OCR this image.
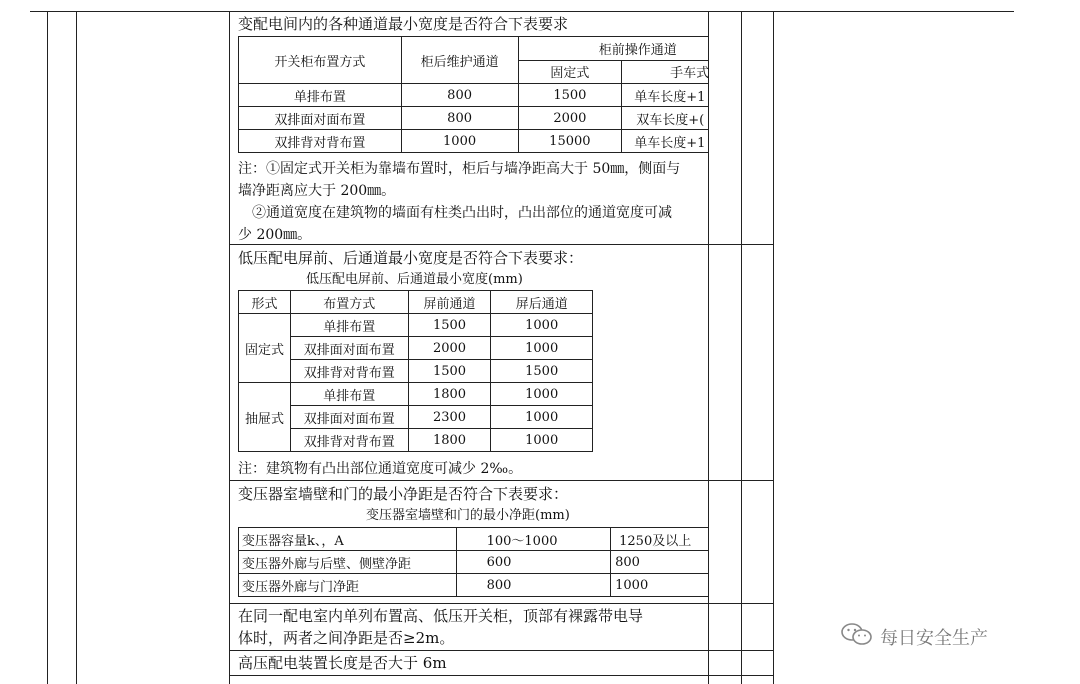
变配电间内的各种通道最小宽度是否符合下表要求
开关柜布置方式	柜后维护通道	柜前操作通道	
		固定式	手车式
单排布置	800	1500	单车长度+1
双排面对面布置	800	2000	双车长度+(
双排背对背布置	1000	15000	单车长度+1
注：①固定式开关柜为靠墙布置时，柜后与墙净距高大于 50㎜，侧面与
墙净距离应大于 200㎜。
②通道宽度在建筑物的墙面有柱类凸出时，凸出部位的通道宽度可减
少 200㎜。
低压配电屏前、后通道最小宽度是否符合下表要求：
低压配电屏前、后通道最小宽度(mm)
形式	布置方式	屏前通道	屏后通道
固定式	单排布置	1500	1000
	双排面对面布置	2000	1000
	双排背对背布置	1500	1500
抽屉式	单排布置	1800	1000
	双排面对面布置	2300	1000
	双排背对背布置	1800	1000
注：建筑物有凸出部位通道宽度可减少 2‰。
变压器室墙壁和门的最小净距是否符合下表要求：
变压器室墙壁和门的最小净距(mm)
变压器容量k、，A	100～1000	1250及以上
变压器外廊与后壁、侧壁净距	600	800
变压器外廊与门净距	800	1000
在同一配电室内单列布置高、低压开关柜，顶部有裸露带电导
体时，两者之间净距是否≥2m。
高压配电装置长度是否大于 6m
每日安全生产
